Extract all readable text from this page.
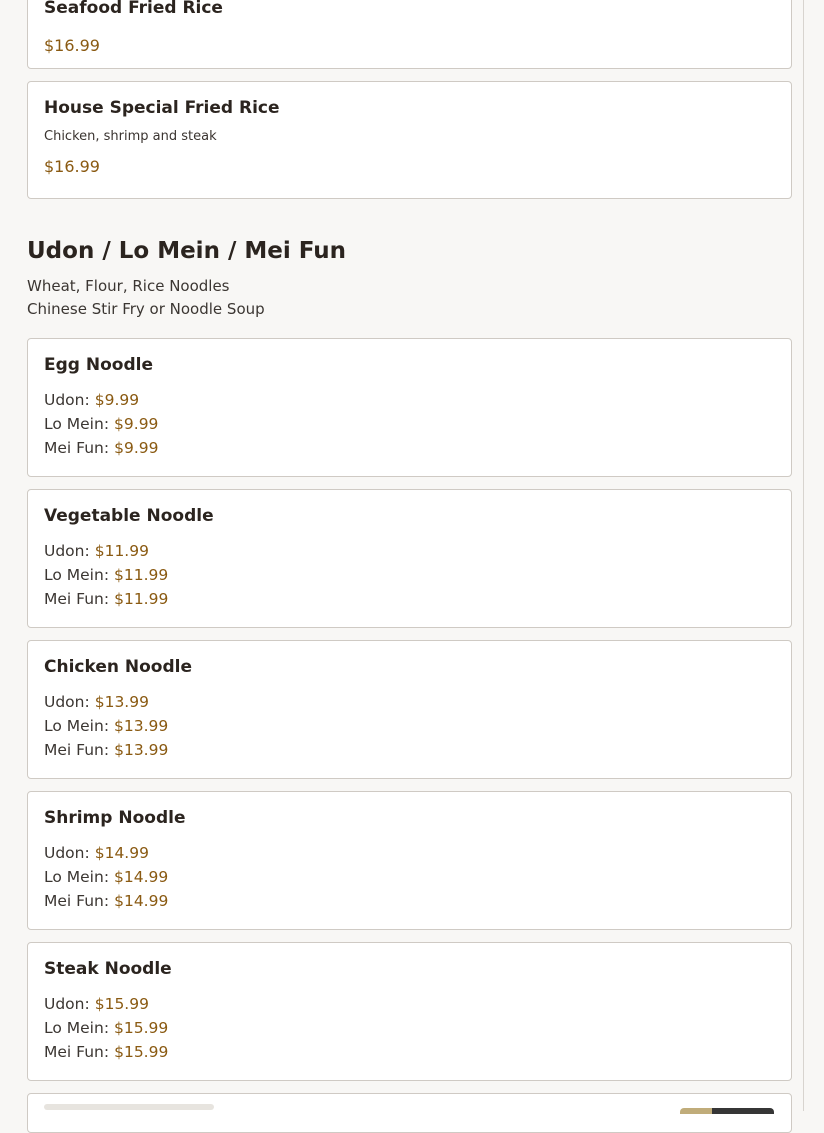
Seafood Fried Rice
$16.99
House Special Fried Rice
Chicken, shrimp and steak
$16.99
Udon / Lo Mein / Mei Fun
Wheat, Flour, Rice Noodles
Chinese Stir Fry or Noodle Soup
Egg Noodle
Udon: $9.99
Lo Mein: $9.99
Mei Fun: $9.99
Vegetable Noodle
Udon: $11.99
Lo Mein: $11.99
Mei Fun: $11.99
Chicken Noodle
Udon: $13.99
Lo Mein: $13.99
Mei Fun: $13.99
Shrimp Noodle
Udon: $14.99
Lo Mein: $14.99
Mei Fun: $14.99
Steak Noodle
Udon: $15.99
Lo Mein: $15.99
Mei Fun: $15.99
